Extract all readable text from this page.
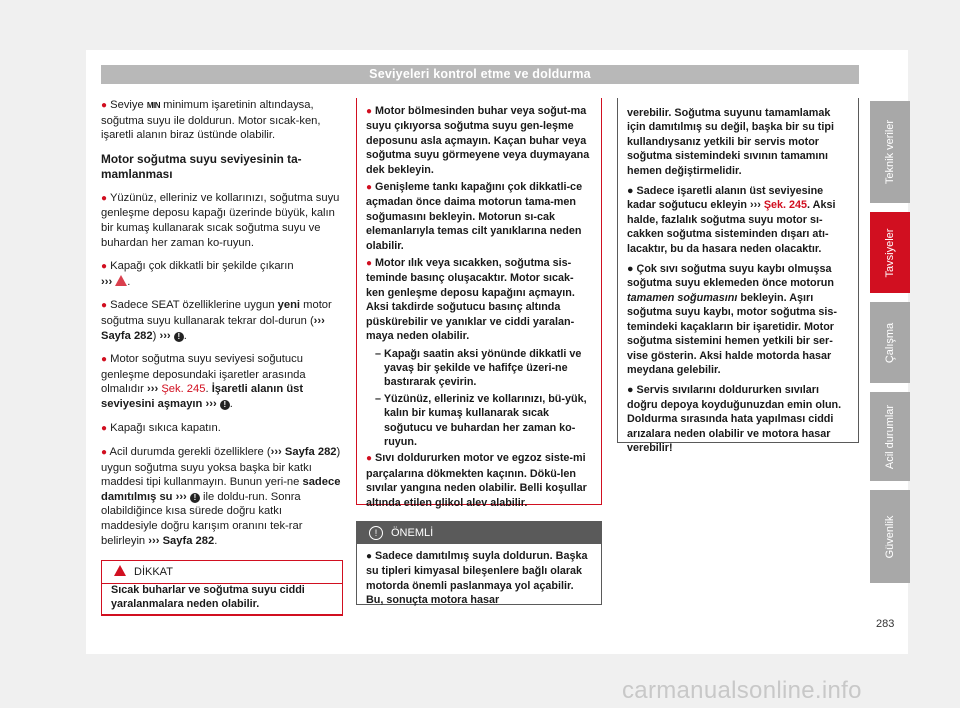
Seviyeleri kontrol etme ve doldurma

● Seviye MIN minimum işaretinin altındaysa, soğutma suyu ile doldurun. Motor sıcak-ken, işaretli alanın biraz üstünde olabilir.

Motor soğutma suyu seviyesinin ta-mamlanması

● Yüzünüz, elleriniz ve kollarınızı, soğutma suyu genleşme deposu kapağı üzerinde büyük, kalın bir kumaş kullanarak sıcak soğutma suyu ve buhardan her zaman ko-ruyun.

● Kapağı çok dikkatli bir şekilde çıkarın
››› .

● Sadece SEAT özelliklerine uygun yeni motor soğutma suyu kullanarak tekrar dol-durun (››› Sayfa 282) ››› ! .

● Motor soğutma suyu seviyesi soğutucu genleşme deposundaki işaretler arasında olmalıdır ››› Şek. 245. İşaretli alanın üst seviyesini aşmayın ››› ! .

● Kapağı sıkıca kapatın.

● Acil durumda gerekli özelliklere (››› Sayfa 282) uygun soğutma suyu yoksa başka bir katkı maddesi tipi kullanmayın. Bunun yeri-ne sadece damıtılmış su ››› ! ile doldu-run. Sonra olabildiğince kısa sürede doğru katkı maddesiyle doğru karışım oranını tek-rar belirleyin ››› Sayfa 282.

DİKKAT
Sıcak buharlar ve soğutma suyu ciddi yaralanmalara neden olabilir.

● Motor bölmesinden buhar veya soğut-ma suyu çıkıyorsa soğutma suyu gen-leşme deposunu asla açmayın. Kaçan buhar veya soğutma suyu görmeyene veya duymayana dek bekleyin.

● Genişleme tankı kapağını çok dikkatli-ce açmadan önce daima motorun tama-men soğumasını bekleyin. Motorun sı-cak elemanlarıyla temas cilt yanıklarına neden olabilir.

● Motor ılık veya sıcakken, soğutma sis-teminde basınç oluşacaktır. Motor sıcak-ken genleşme deposu kapağını açmayın. Aksi takdirde soğutucu basınç altında püskürebilir ve yanıklar ve ciddi yaralan-maya neden olabilir.

– Kapağı saatin aksi yönünde dikkatli ve yavaş bir şekilde ve hafifçe üzeri-ne bastırarak çevirin.

– Yüzünüz, elleriniz ve kollarınızı, bü-yük, kalın bir kumaş kullanarak sıcak soğutucu ve buhardan her zaman ko-ruyun.

● Sıvı doldururken motor ve egzoz siste-mi parçalarına dökmekten kaçının. Dökü-len sıvılar yangına neden olabilir. Belli koşullar altında etilen glikol alev alabilir.

! ÖNEMLİ
● Sadece damıtılmış suyla doldurun. Başka su tipleri kimyasal bileşenlere bağlı olarak motorda önemli paslanmaya yol açabilir. Bu, sonuçta motora hasar

verebilir. Soğutma suyunu tamamlamak için damıtılmış su değil, başka bir su tipi kullandıysanız yetkili bir servis motor soğutma sistemindeki sıvının tamamını hemen değiştirmelidir.

● Sadece işaretli alanın üst seviyesine kadar soğutucu ekleyin ››› Şek. 245. Aksi halde, fazlalık soğutma suyu motor sı-cakken soğutma sisteminden dışarı atı-lacaktır, bu da hasara neden olacaktır.

● Çok sıvı soğutma suyu kaybı olmuşsa soğutma suyu eklemeden önce motorun tamamen soğumasını bekleyin. Aşırı soğutma suyu kaybı, motor soğutma sis-temindeki kaçakların bir işaretidir. Motor soğutma sistemini hemen yetkili bir ser-vise gösterin. Aksi halde motorda hasar meydana gelebilir.

● Servis sıvılarını doldururken sıvıları doğru depoya koyduğunuzdan emin olun. Doldurma sırasında hata yapılması ciddi arızalara neden olabilir ve motora hasar verebilir!

Teknik veriler
Tavsiyeler
Çalışma
Acil durumlar
Güvenlik
283
carmanualsonline.info
